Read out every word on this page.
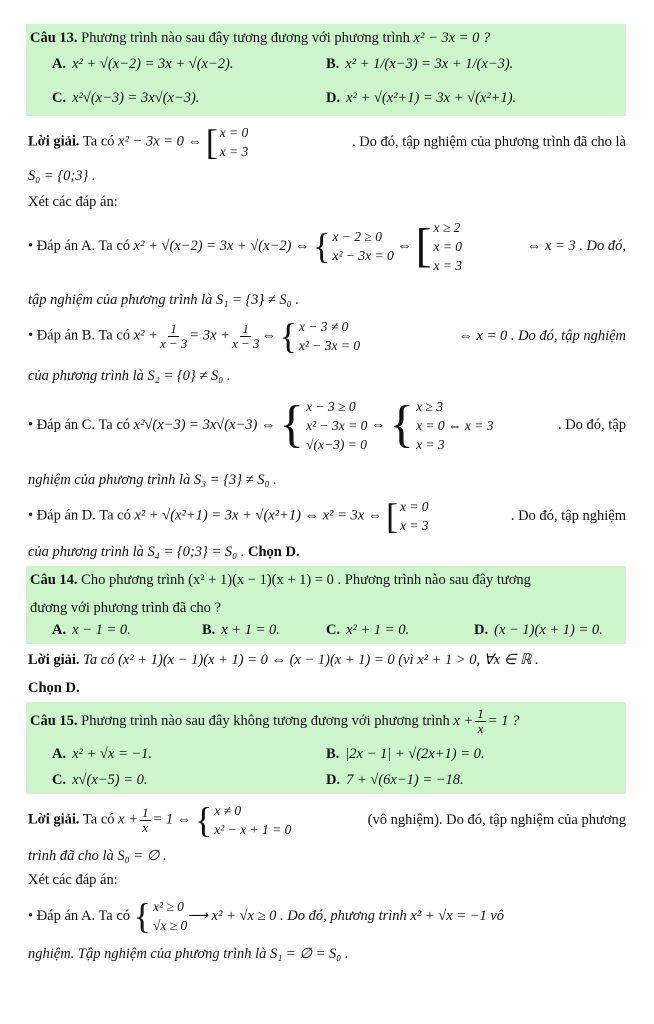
Câu 13. Phương trình nào sau đây tương đương với phương trình x² − 3x = 0 ?
A. x² + √(x−2) = 3x + √(x−2).	B. x² + 1/(x−3) = 3x + 1/(x−3).
C. x²√(x−3) = 3x√(x−3).	D. x² + √(x²+1) = 3x + √(x²+1).
Lời giải. Ta có x² − 3x = 0 ⇔ [ x = 0
x = 3
. Do đó, tập nghiệm của phương trình đã cho là
S₀ = {0;3} .
Xét các đáp án:
• Đáp án A. Ta có x² + √(x−2) = 3x + √(x−2) ⇔ { x − 2 ≥ 0
x² − 3x = 0
⇔ [ x ≥ 2
x = 0
x = 3
⇔ x = 3 . Do đó,
tập nghiệm của phương trình là S₁ = {3} ≠ S₀ .
• Đáp án B. Ta có $x^2 + \frac{1}{x - 3} = 3x + \frac{1}{x - 3}$ ⇔ { x − 3 ≠ 0
x² − 3x = 0
⇔ x = 0 . Do đó, tập nghiệm
của phương trình là S₂ = {0} ≠ S₀ .
• Đáp án C. Ta có x²√(x−3) = 3x√(x−3) ⇔ { x − 3 ≥ 0
x² − 3x = 0
√(x−3) = 0
⇔ { x ≥ 3
x = 0 ⇔ x = 3
x = 3
. Do đó, tập
nghiệm của phương trình là S₃ = {3} ≠ S₀ .
• Đáp án D. Ta có x² + √(x²+1) = 3x + √(x²+1) ⇔ x² = 3x ⇔ [ x = 0
x = 3
. Do đó, tập nghiệm
của phương trình là S₄ = {0;3} = S₀ . Chọn D.
Câu 14. Cho phương trình (x² + 1)(x − 1)(x + 1) = 0 . Phương trình nào sau đây tương
đương với phương trình đã cho ?
A. x − 1 = 0.	B. x + 1 = 0.	C. x² + 1 = 0.	D. (x − 1)(x + 1) = 0.
Lời giải. Ta có (x² + 1)(x − 1)(x + 1) = 0 ⇔ (x − 1)(x + 1) = 0 (vì x² + 1 > 0, ∀x ∈ ℝ .
Chọn D.
Câu 15.
Phương trình nào sau đây không tương đương với phương trình
$x + \frac{1}{x} = 1$ ?
A. x² + √x = −1.	B. |2x − 1| + √(2x+1) = 0.
C. x√(x−5) = 0.	D. 7 + √(6x−1) = −18.
Lời giải. Ta có $x + \frac{1}{x} = 1$ ⇔ { x ≠ 0
x² − x + 1 = 0
(vô nghiệm). Do đó, tập nghiệm của phương
trình đã cho là S₀ = ∅ .
Xét các đáp án:
• Đáp án A. Ta có
{ x² ≥ 0
√x ≥ 0
⟶ x² + √x ≥ 0 . Do đó, phương trình x² + √x = −1 vô
nghiệm. Tập nghiệm của phương trình là S₁ = ∅ = S₀ .
